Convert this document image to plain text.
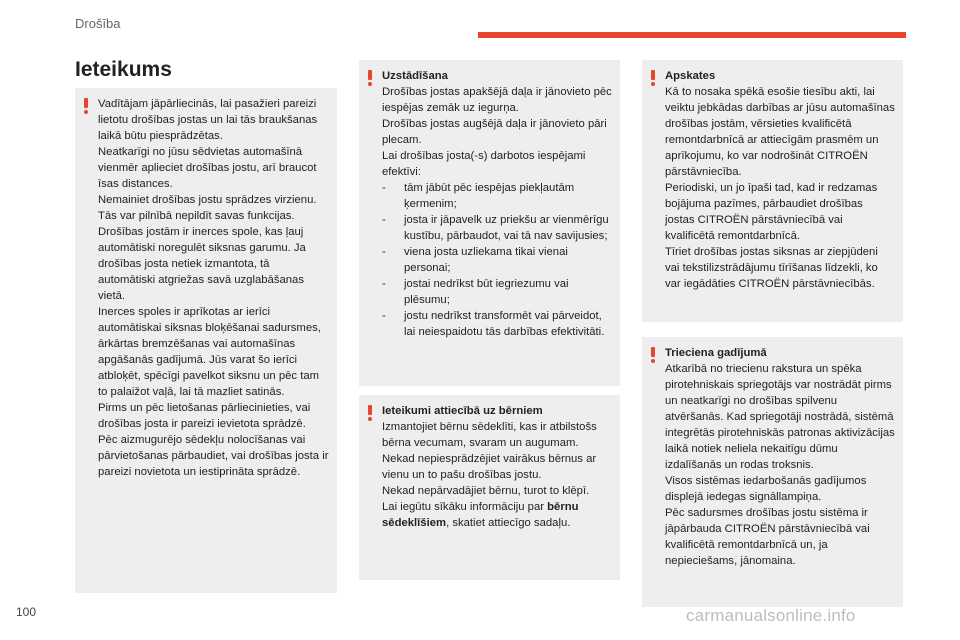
Drošība
Ieteikums
Vadītājam jāpārliecinās, lai pasažieri pareizi lietotu drošības jostas un lai tās braukšanas laikā būtu piesprādzētas.
Neatkarīgi no jūsu sēdvietas automašīnā vienmēr aplieciet drošības jostu, arī braucot īsas distances.
Nemainiet drošības jostu sprādzes virzienu. Tās var pilnībā nepildīt savas funkcijas.
Drošības jostām ir inerces spole, kas ļauj automātiski noregulēt siksnas garumu. Ja drošības josta netiek izmantota, tā automātiski atgriežas savā uzglabāšanas vietā.
Inerces spoles ir aprīkotas ar ierīci automātiskai siksnas bloķēšanai sadursmes, ārkārtas bremzēšanas vai automašīnas apgāšanās gadījumā. Jūs varat šo ierīci atbloķēt, spēcīgi pavelkot siksnu un pēc tam to palaižot vaļā, lai tā mazliet satinās.
Pirms un pēc lietošanas pārliecinieties, vai drošības josta ir pareizi ievietota sprādzē.
Pēc aizmugurējo sēdekļu nolocīšanas vai pārvietošanas pārbaudiet, vai drošības josta ir pareizi novietota un iestiprināta sprādzē.
Uzstādīšana
Drošības jostas apakšējā daļa ir jānovieto pēc iespējas zemāk uz iegurņa.
Drošības jostas augšējā daļa ir jānovieto pāri plecam.
Lai drošības josta(-s) darbotos iespējami efektīvi:
- tām jābūt pēc iespējas piekļautām ķermenim;
- josta ir jāpavelk uz priekšu ar vienmērīgu kustību, pārbaudot, vai tā nav savijusies;
- viena josta uzliekama tikai vienai personai;
- jostai nedrīkst būt iegriezumu vai plēsumu;
- jostu nedrīkst transformēt vai pārveidot, lai neiespaidotu tās darbības efektivitāti.
Ieteikumi attiecībā uz bērniem
Izmantojiet bērnu sēdeklīti, kas ir atbilstošs bērna vecumam, svaram un augumam.
Nekad nepiesprādzējiet vairākus bērnus ar vienu un to pašu drošības jostu.
Nekad nepārvadājiet bērnu, turot to klēpī.
Lai iegūtu sīkāku informāciju par bērnu sēdeklīšiem, skatiet attiecīgo sadaļu.
Apskates
Kā to nosaka spēkā esošie tiesību akti, lai veiktu jebkādas darbības ar jūsu automašīnas drošības jostām, vērsieties kvalificētā remontdarbnīcā ar attiecīgām prasmēm un aprīkojumu, ko var nodrošināt CITROËN pārstāvniecība.
Periodiski, un jo īpaši tad, kad ir redzamas bojājuma pazīmes, pārbaudiet drošības jostas CITROËN pārstāvniecībā vai kvalificētā remontdarbnīcā.
Tīriet drošības jostas siksnas ar ziepjūdeni vai tekstilizstrādājumu tīrīšanas līdzekli, ko var iegādāties CITROËN pārstāvniecībās.
Trieciena gadījumā
Atkarībā no triecienu rakstura un spēka pirotehniskais spriegotājs var nostrādāt pirms un neatkarīgi no drošības spilvenu atvēršanās. Kad spriegotāji nostrādā, sistēmā integrētās pirotehniskās patronas aktivizācijas laikā notiek neliela nekaitīgu dūmu izdalīšanās un rodas troksnis.
Visos sistēmas iedarbošanās gadījumos displejā iedegas signāllampiņa.
Pēc sadursmes drošības jostu sistēma ir jāpārbauda CITROËN pārstāvniecībā vai kvalificētā remontdarbnīcā un, ja nepieciešams, jānomaina.
100	carmanualsonline.info
